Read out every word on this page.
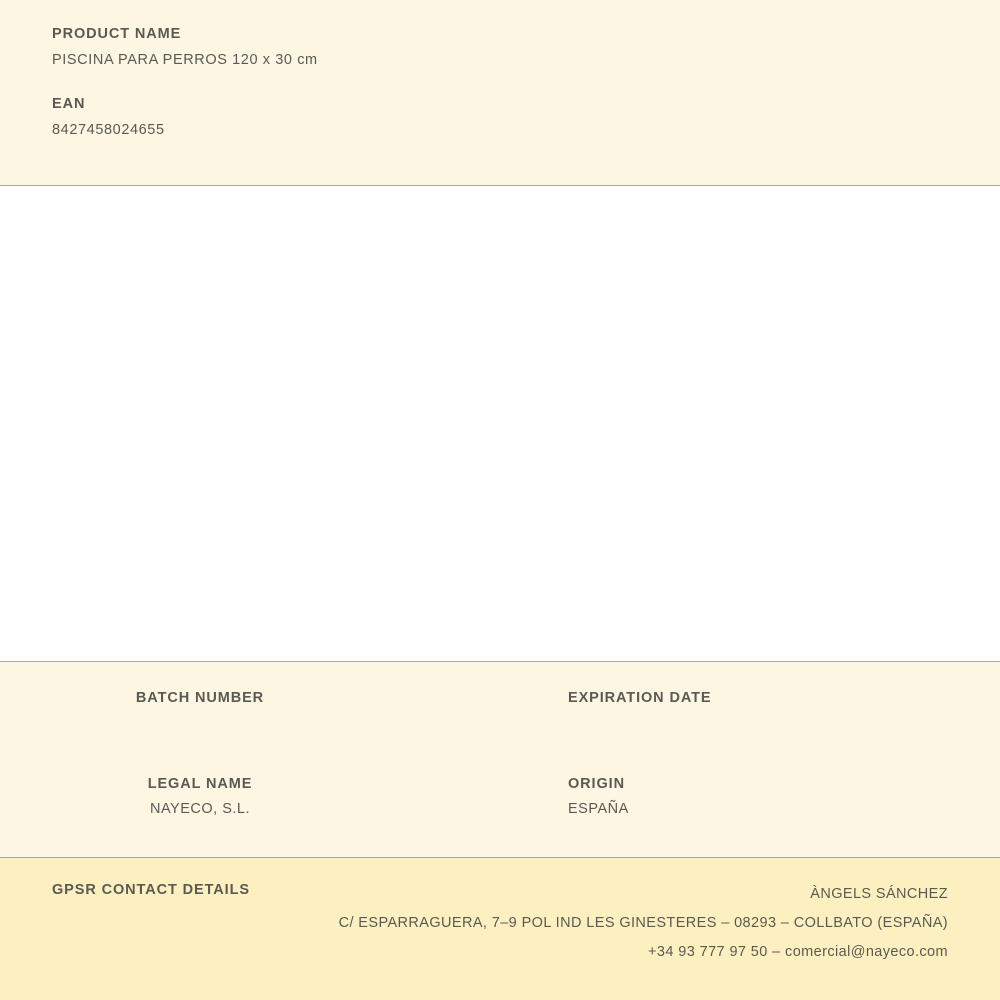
PRODUCT NAME

PISCINA PARA PERROS 120 x 30 cm

EAN

8427458024655

BATCH NUMBER	EXPIRATION DATE

LEGAL NAME

NAYECO, S.L.

ORIGIN

ESPAÑA

GPSR CONTACT DETAILS	ÀNGELS SÁNCHEZ
C/ ESPARRAGUERA, 7–9 POL IND LES GINESTERES – 08293 – COLLBATO (ESPAÑA)
+34 93 777 97 50 – comercial@nayeco.com
